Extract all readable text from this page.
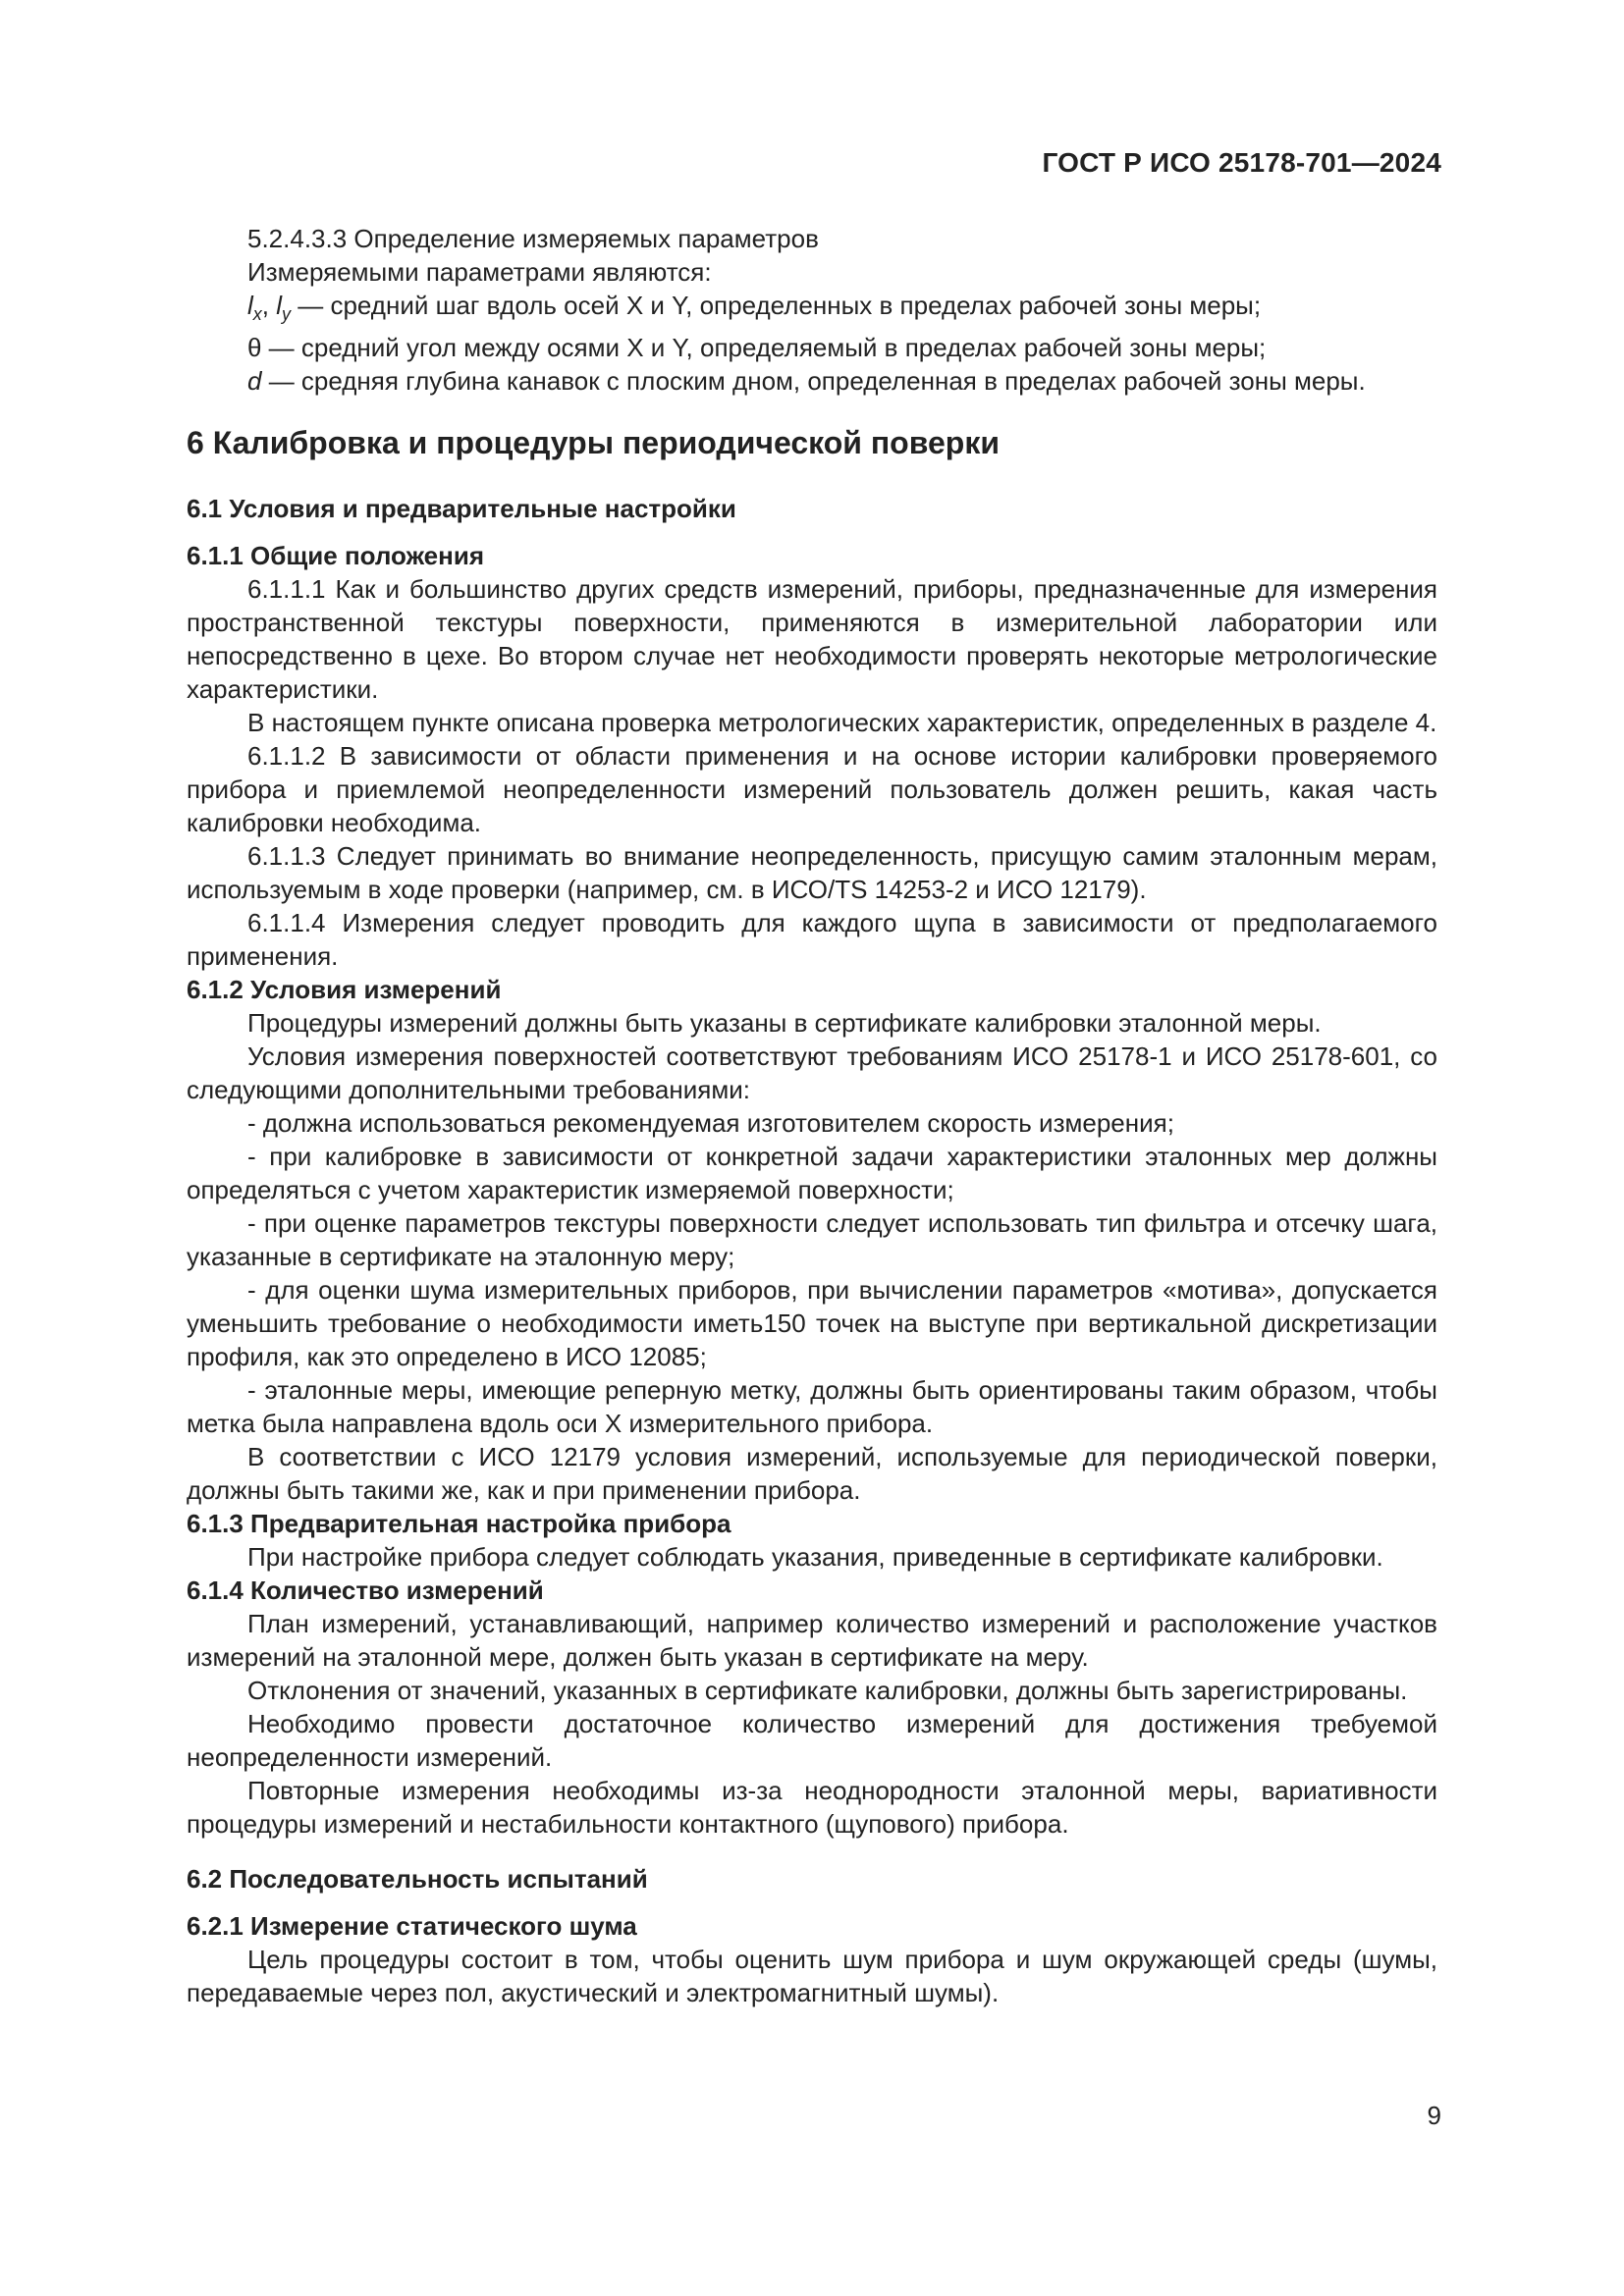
ГОСТ Р ИСО 25178-701—2024

5.2.4.3.3 Определение измеряемых параметров

Измеряемыми параметрами являются:

$l_x$, $l_y$ — средний шаг вдоль осей X и Y, определенных в пределах рабочей зоны меры;

θ — средний угол между осями X и Y, определяемый в пределах рабочей зоны меры;

d — средняя глубина канавок с плоским дном, определенная в пределах рабочей зоны меры.

6 Калибровка и процедуры периодической поверки

6.1 Условия и предварительные настройки

6.1.1 Общие положения

6.1.1.1 Как и большинство других средств измерений, приборы, предназначенные для измерения пространственной текстуры поверхности, применяются в измерительной лаборатории или непосредственно в цехе. Во втором случае нет необходимости проверять некоторые метрологические характеристики.

В настоящем пункте описана проверка метрологических характеристик, определенных в разделе 4.

6.1.1.2 В зависимости от области применения и на основе истории калибровки проверяемого прибора и приемлемой неопределенности измерений пользователь должен решить, какая часть калибровки необходима.

6.1.1.3 Следует принимать во внимание неопределенность, присущую самим эталонным мерам, используемым в ходе проверки (например, см. в ИСО/TS 14253-2 и ИСО 12179).

6.1.1.4 Измерения следует проводить для каждого щупа в зависимости от предполагаемого применения.

6.1.2 Условия измерений

Процедуры измерений должны быть указаны в сертификате калибровки эталонной меры.

Условия измерения поверхностей соответствуют требованиям ИСО 25178-1 и ИСО 25178-601, со следующими дополнительными требованиями:

- должна использоваться рекомендуемая изготовителем скорость измерения;

- при калибровке в зависимости от конкретной задачи характеристики эталонных мер должны определяться с учетом характеристик измеряемой поверхности;

- при оценке параметров текстуры поверхности следует использовать тип фильтра и отсечку шага, указанные в сертификате на эталонную меру;

- для оценки шума измерительных приборов, при вычислении параметров «мотива», допускается уменьшить требование о необходимости иметь150 точек на выступе при вертикальной дискретизации профиля, как это определено в ИСО 12085;

- эталонные меры, имеющие реперную метку, должны быть ориентированы таким образом, чтобы метка была направлена вдоль оси X измерительного прибора.

В соответствии с ИСО 12179 условия измерений, используемые для периодической поверки, должны быть такими же, как и при применении прибора.

6.1.3 Предварительная настройка прибора

При настройке прибора следует соблюдать указания, приведенные в сертификате калибровки.

6.1.4 Количество измерений

План измерений, устанавливающий, например количество измерений и расположение участков измерений на эталонной мере, должен быть указан в сертификате на меру.

Отклонения от значений, указанных в сертификате калибровки, должны быть зарегистрированы.

Необходимо провести достаточное количество измерений для достижения требуемой неопределенности измерений.

Повторные измерения необходимы из-за неоднородности эталонной меры, вариативности процедуры измерений и нестабильности контактного (щупового) прибора.

6.2 Последовательность испытаний

6.2.1 Измерение статического шума

Цель процедуры состоит в том, чтобы оценить шум прибора и шум окружающей среды (шумы, передаваемые через пол, акустический и электромагнитный шумы).

9
